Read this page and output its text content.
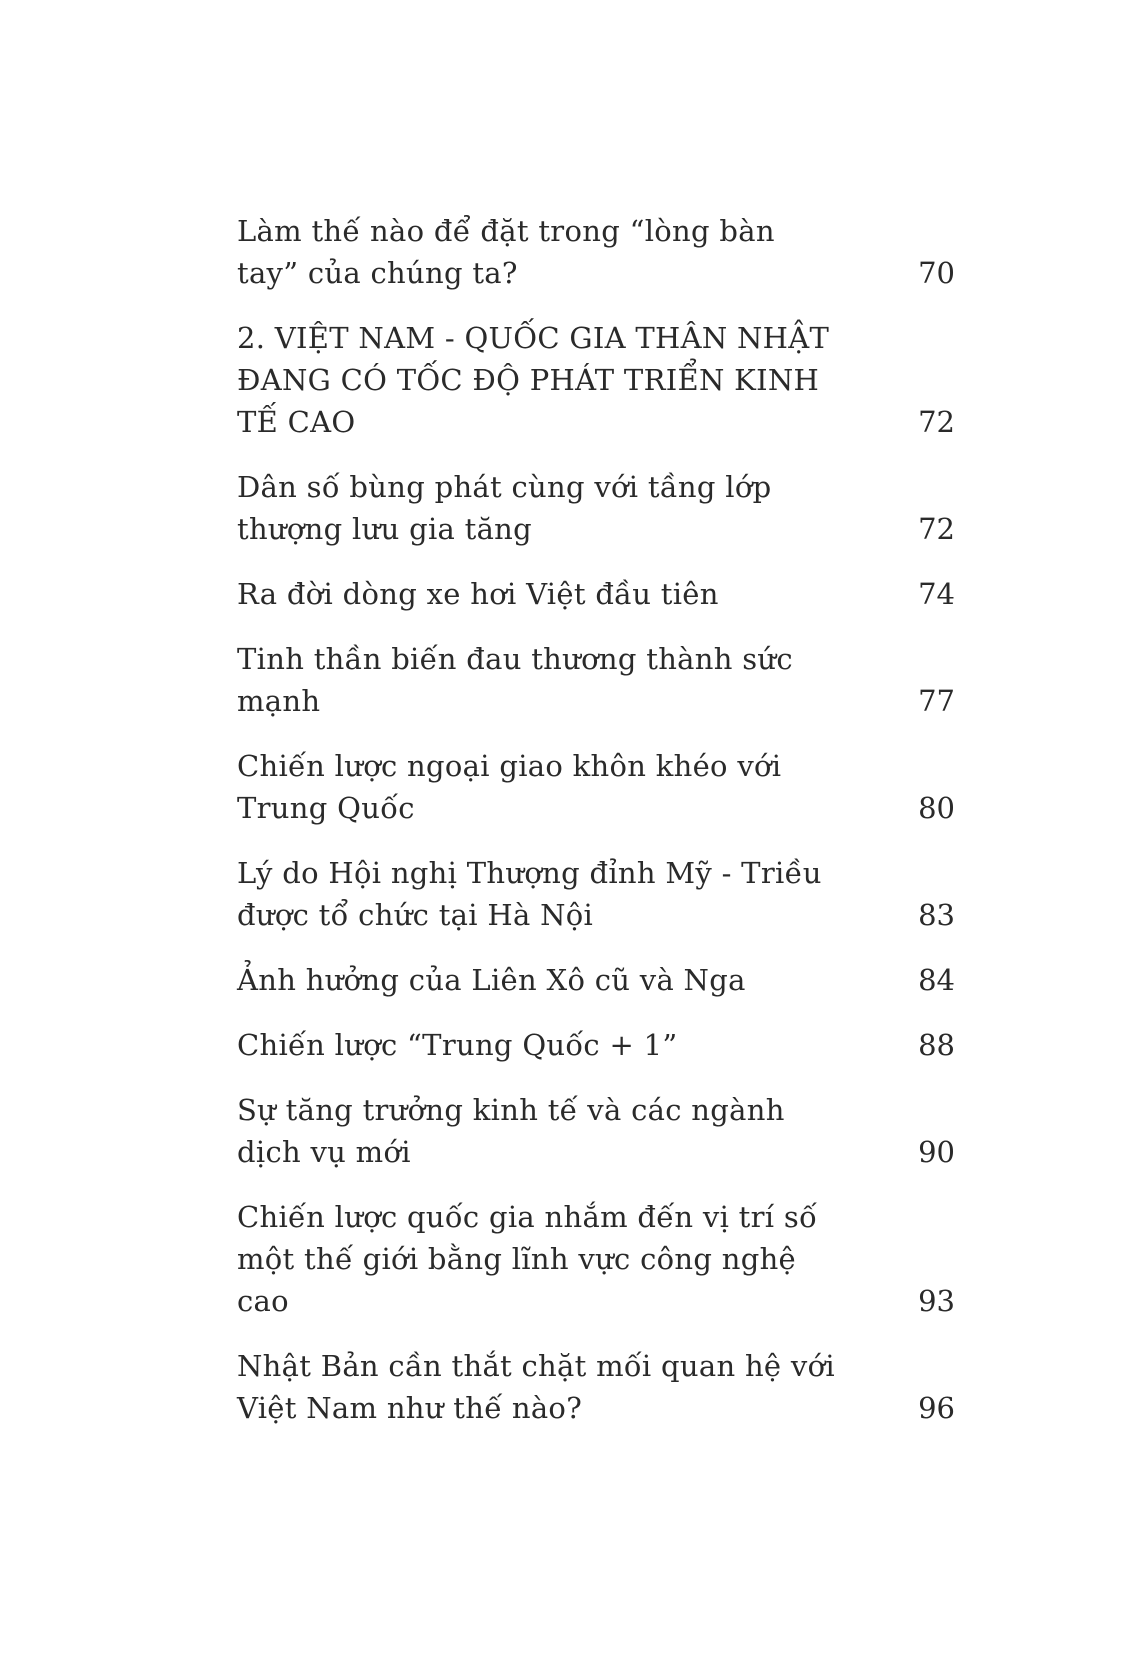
Làm thế nào để đặt trong “lòng bàn tay” của chúng ta?	70
2. VIỆT NAM - QUỐC GIA THÂN NHẬT ĐANG CÓ TỐC ĐỘ PHÁT TRIỂN KINH TẾ CAO	72
Dân số bùng phát cùng với tầng lớp thượng lưu gia tăng	72
Ra đời dòng xe hơi Việt đầu tiên	74
Tinh thần biến đau thương thành sức mạnh	77
Chiến lược ngoại giao khôn khéo với Trung Quốc	80
Lý do Hội nghị Thượng đỉnh Mỹ - Triều được tổ chức tại Hà Nội	83
Ảnh hưởng của Liên Xô cũ và Nga	84
Chiến lược “Trung Quốc + 1”	88
Sự tăng trưởng kinh tế và các ngành dịch vụ mới	90
Chiến lược quốc gia nhắm đến vị trí số một thế giới bằng lĩnh vực công nghệ cao	93
Nhật Bản cần thắt chặt mối quan hệ với Việt Nam như thế nào?	96
